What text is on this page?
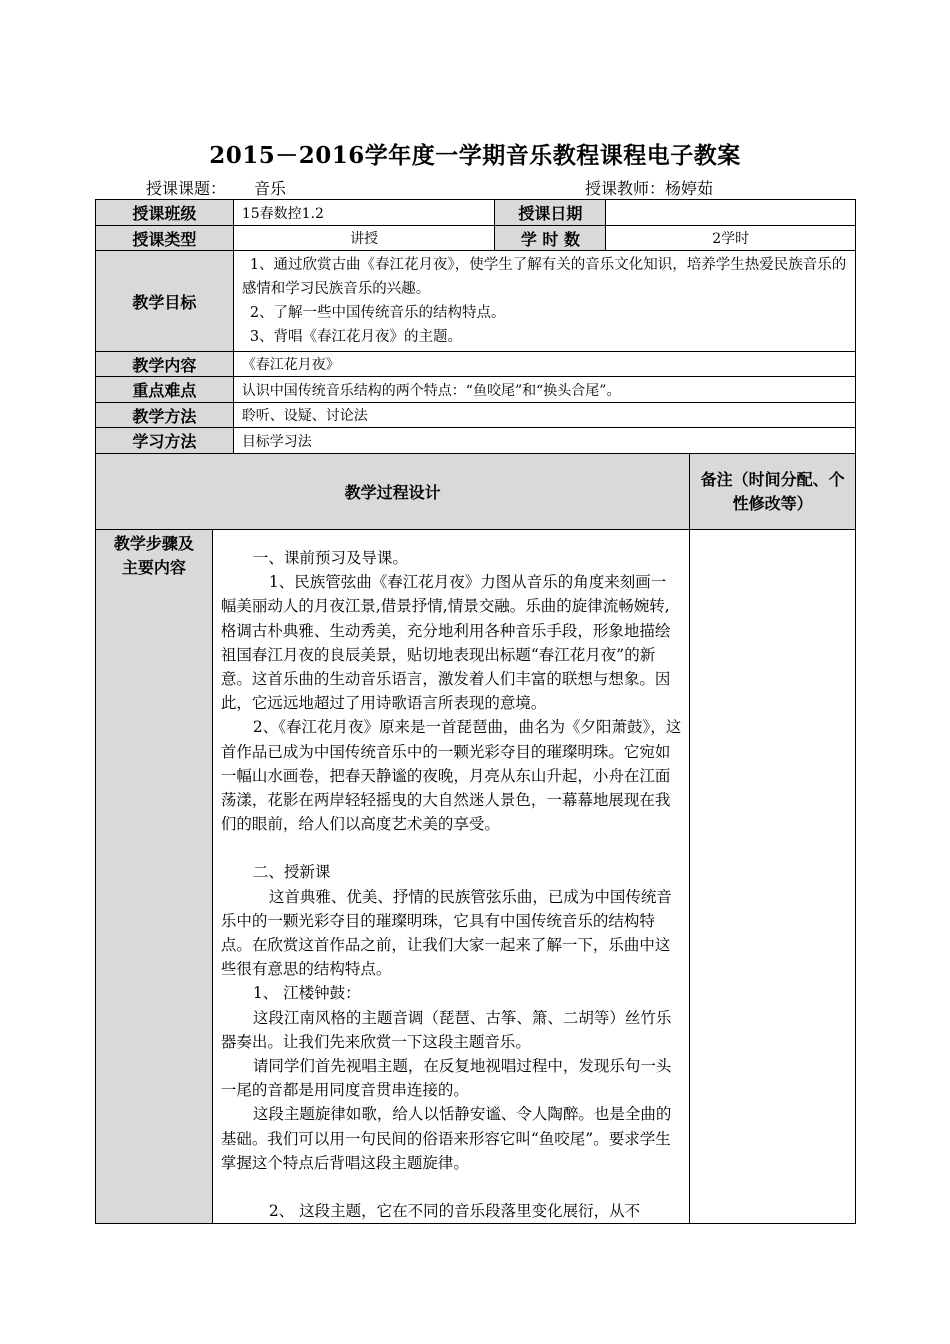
2015－2016学年度一学期音乐教程课程电子教案
授课课题： 音乐	授课教师：杨婷茹
授课班级	15春数控1.2	授课日期	
授课类型	讲授	学 时 数	2学时
教学目标	1、通过欣赏古曲《春江花月夜》，使学生了解有关的音乐文化知识，培养学生热爱民族音乐的感情和学习民族音乐的兴趣。

2、了解一些中国传统音乐的结构特点。

3、背唱《春江花月夜》的主题。		

教学内容	《春江花月夜》		
重点难点	认识中国传统音乐结构的两个特点：“鱼咬尾”和“换头合尾”。		
教学方法	聆听、设疑、讨论法		
学习方法	目标学习法		
教学过程设计	备注（时间分配、个性修改等）
教学步骤及主要内容	一、课前预习及导课。

1、民族管弦曲《春江花月夜》力图从音乐的角度来刻画一幅美丽动人的月夜江景,借景抒情,情景交融。乐曲的旋律流畅婉转,格调古朴典雅、生动秀美，充分地利用各种音乐手段，形象地描绘祖国春江月夜的良辰美景，贴切地表现出标题“春江花月夜”的新意。这首乐曲的生动音乐语言，激发着人们丰富的联想与想象。因此，它远远地超过了用诗歌语言所表现的意境。

2、《春江花月夜》原来是一首琵琶曲，曲名为《夕阳萧鼓》，这首作品已成为中国传统音乐中的一颗光彩夺目的璀璨明珠。它宛如一幅山水画卷，把春天静谧的夜晚，月亮从东山升起，小舟在江面荡漾，花影在两岸轻轻摇曳的大自然迷人景色，一幕幕地展现在我们的眼前，给人们以高度艺术美的享受。

二、授新课

这首典雅、优美、抒情的民族管弦乐曲，已成为中国传统音乐中的一颗光彩夺目的璀璨明珠，它具有中国传统音乐的结构特点。在欣赏这首作品之前，让我们大家一起来了解一下，乐曲中这些很有意思的结构特点。

1、 江楼钟鼓：

这段江南风格的主题音调（琵琶、古筝、箫、二胡等）丝竹乐器奏出。让我们先来欣赏一下这段主题音乐。

请同学们首先视唱主题，在反复地视唱过程中，发现乐句一头一尾的音都是用同度音贯串连接的。

这段主题旋律如歌，给人以恬静安谧、令人陶醉。也是全曲的基础。我们可以用一句民间的俗语来形容它叫“鱼咬尾”。要求学生掌握这个特点后背唱这段主题旋律。

2、 这段主题，它在不同的音乐段落里变化展衍，从不
